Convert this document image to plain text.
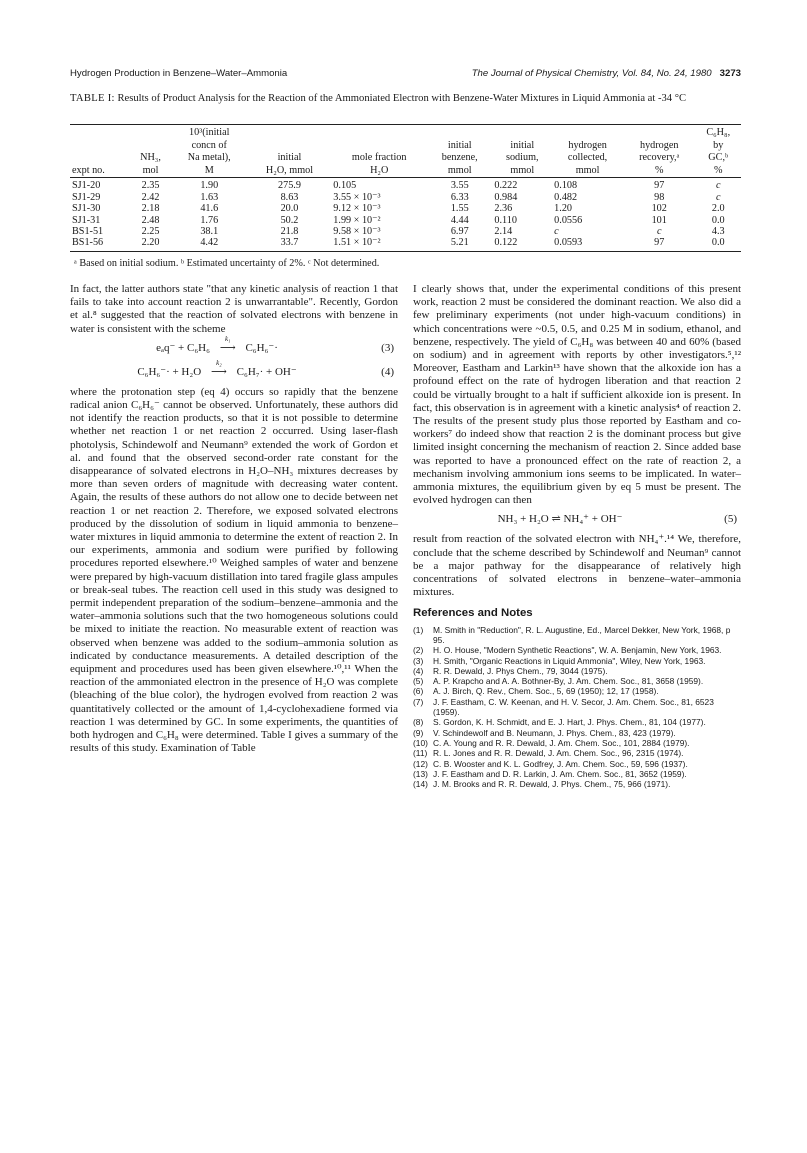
Hydrogen Production in Benzene–Water–Ammonia	The Journal of Physical Chemistry, Vol. 84, No. 24, 1980 3273
TABLE I: Results of Product Analysis for the Reaction of the Ammoniated Electron with Benzene-Water Mixtures in Liquid Ammonia at -34 °C
		10³(initial							C₆H₈,
		concn of			initial	initial	hydrogen	hydrogen	by
	NH₃,	Na metal),	initial	mole fraction	benzene,	sodium,	collected,	recovery,ᵃ	GC,ᵇ
expt no.	mol	M	H₂O, mmol	H₂O	mmol	mmol	mmol	%	%
SJ1-20	2.35	1.90	275.9	0.105	3.55	0.222	0.108	97	c
SJ1-29	2.42	1.63	8.63	3.55 × 10⁻³	6.33	0.984	0.482	98	c
SJ1-30	2.18	41.6	20.0	9.12 × 10⁻³	1.55	2.36	1.20	102	2.0
SJ1-31	2.48	1.76	50.2	1.99 × 10⁻²	4.44	0.110	0.0556	101	0.0
BS1-51	2.25	38.1	21.8	9.58 × 10⁻³	6.97	2.14	c	c	4.3
BS1-56	2.20	4.42	33.7	1.51 × 10⁻²	5.21	0.122	0.0593	97	0.0
ᵃ Based on initial sodium. ᵇ Estimated uncertainty of 2%. ᶜ Not determined.

In fact, the latter authors state "that any kinetic analysis of reaction 1 that fails to take into account reaction 2 is unwarrantable". Recently, Gordon et al.⁸ suggested that the reaction of solvated electrons with benzene in water is consistent with the scheme

eₐq⁻ + C₆H₆
k₁
⟶ C₆H₆⁻·	(3)
C₆H₆⁻· + H₂O
k₂
⟶ C₆H₇· + OH⁻	(4)

where the protonation step (eq 4) occurs so rapidly that the benzene radical anion C₆H₆⁻ cannot be observed. Unfortunately, these authors did not identify the reaction products, so that it is not possible to determine whether net reaction 1 or net reaction 2 occurred. Using laser-flash photolysis, Schindewolf and Neumann⁹ extended the work of Gordon et al. and found that the observed second-order rate constant for the disappearance of solvated electrons in H₂O–NH₃ mixtures decreases by more than seven orders of magnitude with decreasing water content. Again, the results of these authors do not allow one to decide between net reaction 1 or net reaction 2. Therefore, we exposed solvated electrons produced by the dissolution of sodium in liquid ammonia to benzene–water mixtures in liquid ammonia to determine the extent of reaction 2. In our experiments, ammonia and sodium were purified by following procedures reported elsewhere.¹⁰ Weighed samples of water and benzene were prepared by high-vacuum distillation into tared fragile glass ampules or break-seal tubes. The reaction cell used in this study was designed to permit independent preparation of the sodium–benzene–ammonia and the water–ammonia solutions such that the two homogeneous solutions could be mixed to initiate the reaction. No measurable extent of reaction was observed when benzene was added to the sodium–ammonia solution as indicated by conductance measurements. A detailed description of the equipment and procedures used has been given elsewhere.¹⁰,¹¹ When the reaction of the ammoniated electron in the presence of H₂O was complete (bleaching of the blue color), the hydrogen evolved from reaction 2 was quantitatively collected or the amount of 1,4-cyclohexadiene formed via reaction 1 was determined by GC. In some experiments, the quantities of both hydrogen and C₆H₈ were determined. Table I gives a summary of the results of this study. Examination of Table

I clearly shows that, under the experimental conditions of this present work, reaction 2 must be considered the dominant reaction. We also did a few preliminary experiments (not under high-vacuum conditions) in which concentrations were ~0.5, 0.5, and 0.25 M in sodium, ethanol, and benzene, respectively. The yield of C₆H₈ was between 40 and 60% (based on sodium) and in agreement with reports by other investigators.⁵,¹² Moreover, Eastham and Larkin¹³ have shown that the alkoxide ion has a profound effect on the rate of hydrogen liberation and that reaction 2 could be virtually brought to a halt if sufficient alkoxide ion is present. In fact, this observation is in agreement with a kinetic analysis⁴ of reaction 2. The results of the present study plus those reported by Eastham and co-workers⁷ do indeed show that reaction 2 is the dominant process but give limited insight concerning the mechanism of reaction 2. Since added base was reported to have a pronounced effect on the rate of reaction 2, a mechanism involving ammonium ions seems to be implicated. In water–ammonia mixtures, the equilibrium given by eq 5 must be present. The evolved hydrogen can then

NH₃ + H₂O ⇌ NH₄⁺ + OH⁻	(5)

result from reaction of the solvated electron with NH₄⁺.¹⁴ We, therefore, conclude that the scheme described by Schindewolf and Neuman⁹ cannot be a major pathway for the disappearance of relatively high concentrations of solvated electrons in benzene–water–ammonia mixtures.

References and Notes
(1) M. Smith in "Reduction", R. L. Augustine, Ed., Marcel Dekker, New York, 1968, p 95.
(2) H. O. House, "Modern Synthetic Reactions", W. A. Benjamin, New York, 1963.
(3) H. Smith, "Organic Reactions in Liquid Ammonia", Wiley, New York, 1963.
(4) R. R. Dewald, J. Phys Chem., 79, 3044 (1975).
(5) A. P. Krapcho and A. A. Bothner-By, J. Am. Chem. Soc., 81, 3658 (1959).
(6) A. J. Birch, Q. Rev., Chem. Soc., 5, 69 (1950); 12, 17 (1958).
(7) J. F. Eastham, C. W. Keenan, and H. V. Secor, J. Am. Chem. Soc., 81, 6523 (1959).
(8) S. Gordon, K. H. Schmidt, and E. J. Hart, J. Phys. Chem., 81, 104 (1977).
(9) V. Schindewolf and B. Neumann, J. Phys. Chem., 83, 423 (1979).
(10) C. A. Young and R. R. Dewald, J. Am. Chem. Soc., 101, 2884 (1979).
(11) R. L. Jones and R. R. Dewald, J. Am. Chem. Soc., 96, 2315 (1974).
(12) C. B. Wooster and K. L. Godfrey, J. Am. Chem. Soc., 59, 596 (1937).
(13) J. F. Eastham and D. R. Larkin, J. Am. Chem. Soc., 81, 3652 (1959).
(14) J. M. Brooks and R. R. Dewald, J. Phys. Chem., 75, 966 (1971).
